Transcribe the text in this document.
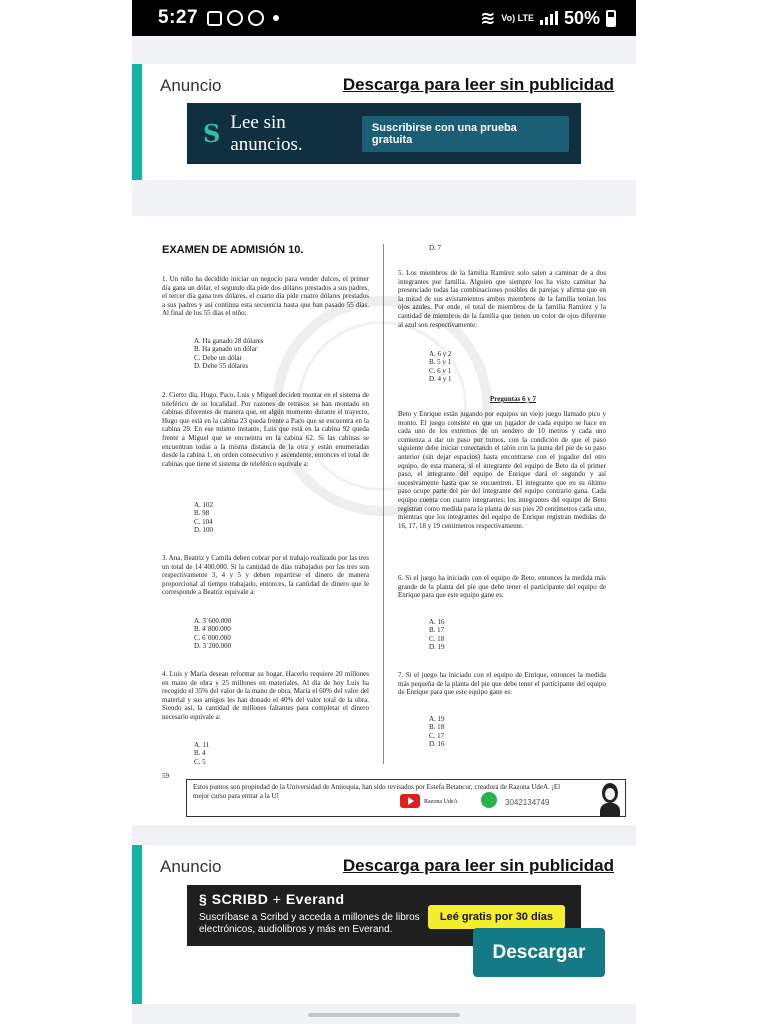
5:27	≋ Vo) LTE 50%
Anuncio	Descarga para leer sin publicidad
S Lee sin anuncios.
Suscribirse con una prueba gratuita
EXAMEN DE ADMISIÓN 10.
1. Un niño ha decidido iniciar un negocio para vender dulces, el primer día gana un dólar, el segundo día pide dos dólares prestados a sus padres, el tercer día gana tres dólares, el cuarto día pide cuatro dólares prestados a sus padres y así continua esta secuencia hasta que han pasado 55 días. Al final de los 55 días el niño:
A. Ha ganado 28 dólares
B. Ha ganado un dólar
C. Debe un dólar
D. Debe 55 dólares
2. Cierto día, Hugo, Paco, Luis y Miguel deciden montar en el sistema de teleférico de su localidad. Por razones de retrasos se han montado en cabinas diferentes de manera que, en algún momento durante el trayecto, Hugo que está en la cabina 23 queda frente a Paco que se encuentra en la cabina 29. En ese mismo instante, Luis que está en la cabina 92 queda frente a Miguel que se encuentra en la cabina 62. Si las cabinas se encuentran todas a la misma distancia de la otra y están enumeradas desde la cabina 1, en orden consecutivo y ascendente, entonces el total de cabinas que tiene el sistema de teleférico equivale a:
A. 102
B. 98
C. 104
D. 100
3. Ana, Beatriz y Camila deben cobrar por el trabajo realizado por las tres un total de 14´400.000. Si la cantidad de días trabajados por las tres son respectivamente 3, 4 y 5 y deben repartirse el dinero de manera proporcional al tiempo trabajado, entonces, la cantidad de dinero que le corresponde a Beatriz equivale a:
A. 3´600.000
B. 4´800.000
C. 6´000.000
D. 3´200.000
4. Luis y María desean reformar su hogar. Hacerlo requiere 20 millones en mano de obra y 25 millones en materiales. Al día de hoy Luis ha recogido el 35% del valor de la mano de obra, María el 60% del valor del material y sus amigos les han donado el 40% del valor total de la obra. Siendo así, la cantidad de millones faltantes para completar el dinero necesario equivale a:
A. 11
B. 4
C. 5
D. 7
5. Los miembros de la familia Ramírez solo salen a caminar de a dos integrantes por familia. Alguien que siempre los ha visto caminar ha presenciado todas las combinaciones posibles de parejas y afirma que en la mitad de sus avistamientos ambos miembros de la familia tenían los ojos azules. Por ende, el total de miembros de la familia Ramírez y la cantidad de miembros de la familia que tienen un color de ojos diferente al azul son respectivamente:
A. 6 y 2
B. 5 y 1
C. 6 y 1
D. 4 y 1
Preguntas 6 y 7
Beto y Enrique están jugando por equipos un viejo juego llamado pico y monto. El juego consiste en que un jugador de cada equipo se hace en cada uno de los extremos de un sendero de 10 metros y cada uno comienza a dar un paso por turnos, con la condición de que el paso siguiente debe iniciar conectando el talón con la punta del pie de su paso anterior (sin dejar espacios) hasta encontrarse con el jugador del otro equipo, de esta manera, si el integrante del equipo de Beto da el primer paso, el integrante del equipo de Enrique dará el segundo y así sucesivamente hasta que se encuentren. El integrante que en su último paso ocupe parte del pie del integrante del equipo contrario gana. Cada equipo cuenta con cuatro integrantes; los integrantes del equipo de Beto registran como medida para la planta de sus pies 20 centímetros cada uno, mientras que los integrantes del equipo de Enrique registran medidas de 16, 17, 18 y 19 centímetros respectivamente.
6. Si el juego ha iniciado con el equipo de Beto, entonces la medida más grande de la planta del pie que debe tener el participante del equipo de Enrique para que este equipo gane es:
A. 16
B. 17
C. 18
D. 19
7. Si el juego ha iniciado con el equipo de Enrique, entonces la medida más pequeña de la planta del pie que debe tener el participante del equipo de Enrique para que este equipo gane es:
A. 19
B. 18
C. 17
D. 16
59
Estos puntos son propiedad de la Universidad de Antioquia, han sido revisados por Estefa Betancur, creadora de Razona UdeA. ¡El mejor curso para entrar a la U!
Razona UdeA	3042134749
Anuncio	Descarga para leer sin publicidad
§ SCRIBD + Everand
Suscríbase a Scribd y acceda a millones de libros electrónicos, audiolibros y más en Everand.
Leé gratis por 30 días
Descargar
